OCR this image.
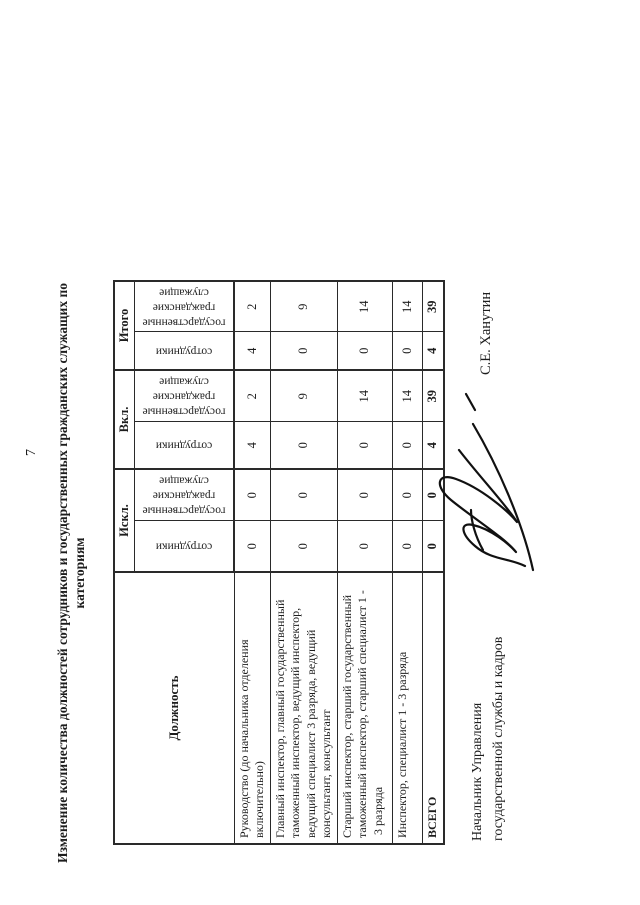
7 Изменение количества должностей сотрудников и государственных гражданских служащих по категориям
Должность	Искл.		Вкл.		Итого	

	сотрудники	государственные гражданские служащие	сотрудники	государственные гражданские служащие	сотрудники	государственные гражданские служащие

Руководство (до начальника отделения включительно)	0	0	4	2	4	2
Главный инспектор, главный государственный таможенный инспектор, ведущий инспектор, ведущий специалист 3 разряда, ведущий консультант, консультант	0	0	0	9	0	9
Старший инспектор, старший государственный таможенный инспектор, старший специалист 1 - 3 разряда	0	0	0	14	0	14
Инспектор, специалист 1 - 3 разряда	0	0	0	14	0	14
ВСЕГО	0	0	4	39	4	39
Начальник Управления государственной службы и кадров
С.Е. Ханутин
